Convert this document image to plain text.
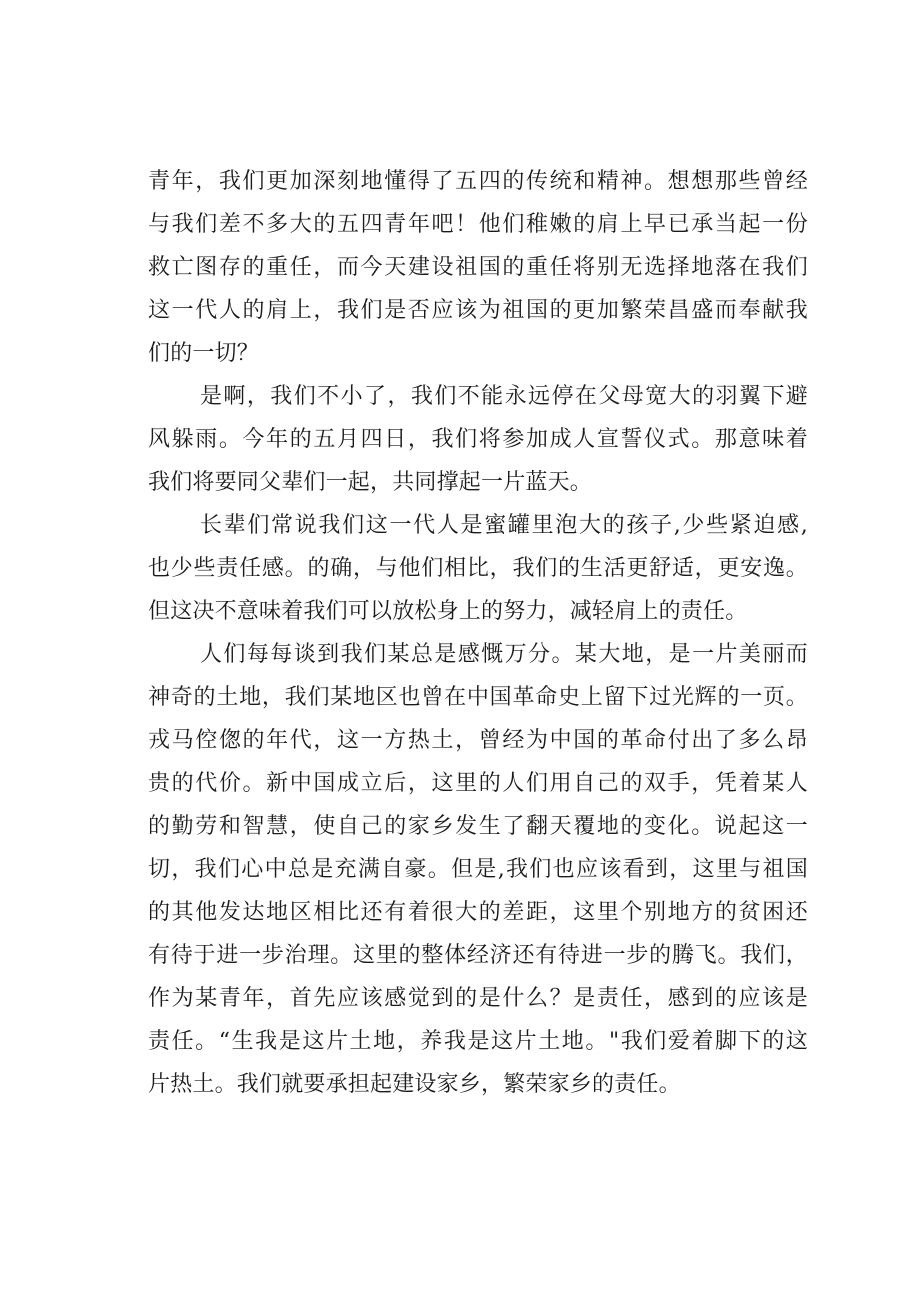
青年，我们更加深刻地懂得了五四的传统和精神。想想那些曾经
与我们差不多大的五四青年吧！他们稚嫩的肩上早已承当起一份
救亡图存的重任，而今天建设祖国的重任将别无选择地落在我们
这一代人的肩上，我们是否应该为祖国的更加繁荣昌盛而奉献我
们的一切？
是啊，我们不小了，我们不能永远停在父母宽大的羽翼下避
风躲雨。今年的五月四日，我们将参加成人宣誓仪式。那意味着
我们将要同父辈们一起，共同撑起一片蓝天。
长辈们常说我们这一代人是蜜罐里泡大的孩子,少些紧迫感,
也少些责任感。的确，与他们相比，我们的生活更舒适，更安逸。
但这决不意味着我们可以放松身上的努力，减轻肩上的责任。
人们每每谈到我们某总是感慨万分。某大地，是一片美丽而
神奇的土地，我们某地区也曾在中国革命史上留下过光辉的一页。
戎马倥偬的年代，这一方热土，曾经为中国的革命付出了多么昂
贵的代价。新中国成立后，这里的人们用自己的双手，凭着某人
的勤劳和智慧，使自己的家乡发生了翻天覆地的变化。说起这一
切，我们心中总是充满自豪。但是,我们也应该看到，这里与祖国
的其他发达地区相比还有着很大的差距，这里个别地方的贫困还
有待于进一步治理。这里的整体经济还有待进一步的腾飞。我们，
作为某青年，首先应该感觉到的是什么？是责任，感到的应该是
责任。“生我是这片土地，养我是这片土地。"我们爱着脚下的这
片热土。我们就要承担起建设家乡，繁荣家乡的责任。
